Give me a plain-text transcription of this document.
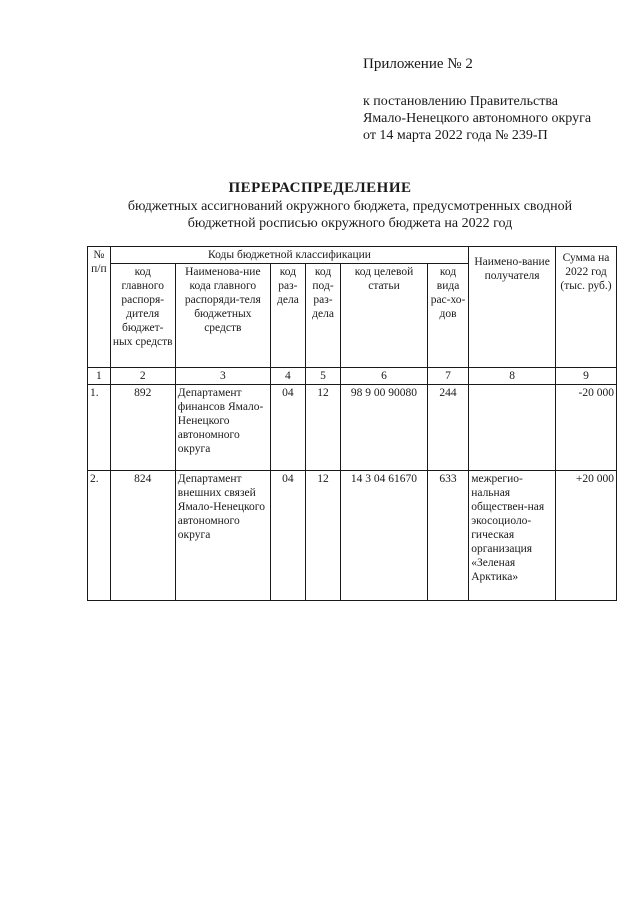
Приложение № 2
к постановлению Правительства
Ямало-Ненецкого автономного округа
от 14 марта 2022 года № 239-П
ПЕРЕРАСПРЕДЕЛЕНИЕ
бюджетных ассигнований окружного бюджета, предусмотренных сводной
бюджетной росписью окружного бюджета на 2022 год
№ п/п	Коды бюджетной классификации						Наимено-вание получателя	Сумма на 2022 год (тыс. руб.)
	код главного распоря-дителя бюджет-ных средств	Наименова-ние кода главного распоряди-теля бюджетных средств	код раз-дела	код под-раз-дела	код целевой статьи	код вида рас-хо-дов		
1	2	3	4	5	6	7	8	9
1.	892	Департамент финансов Ямало-Ненецкого автономного округа	04	12	98 9 00 90080	244		-20 000
2.	824	Департамент внешних связей Ямало-Ненецкого автономного округа	04	12	14 3 04 61670	633	межрегио-нальная обществен-ная экосоциоло-гическая организация «Зеленая Арктика»	+20 000
